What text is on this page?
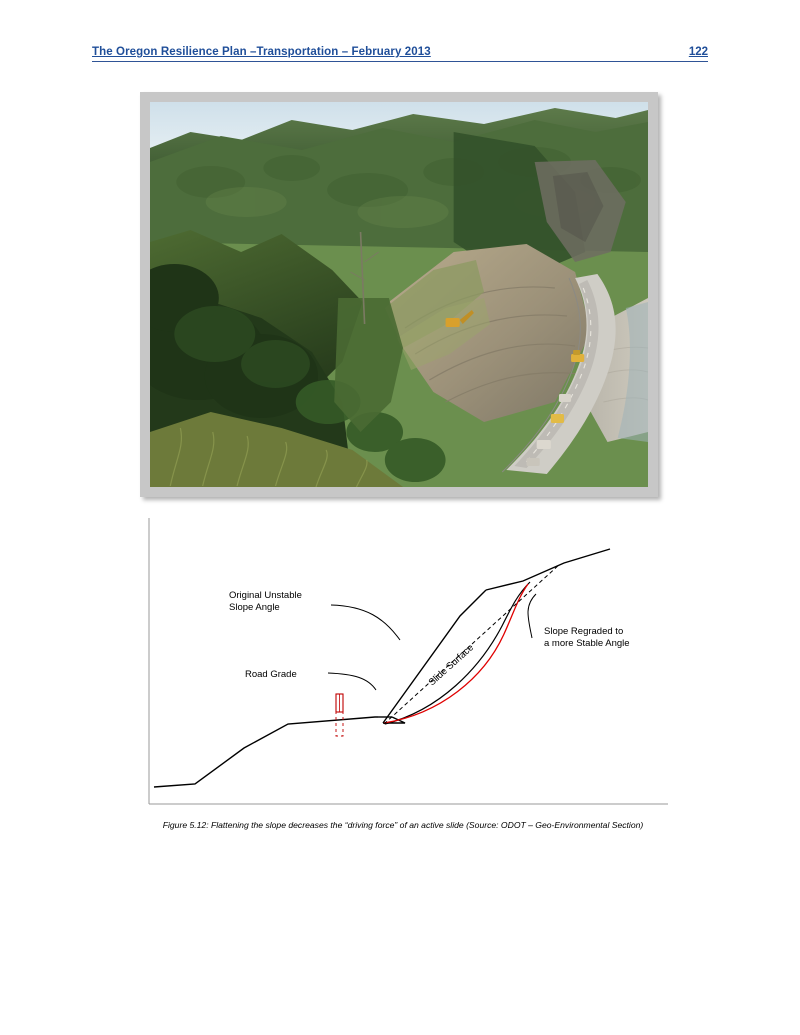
The Oregon Resilience Plan –Transportation – February 2013	122
Original Unstable
Slope Angle
Road Grade
Slope Regraded to
a more Stable Angle
Slide Surface
Figure 5.12: Flattening the slope decreases the “driving force” of an active slide (Source: ODOT – Geo-Environmental Section)
